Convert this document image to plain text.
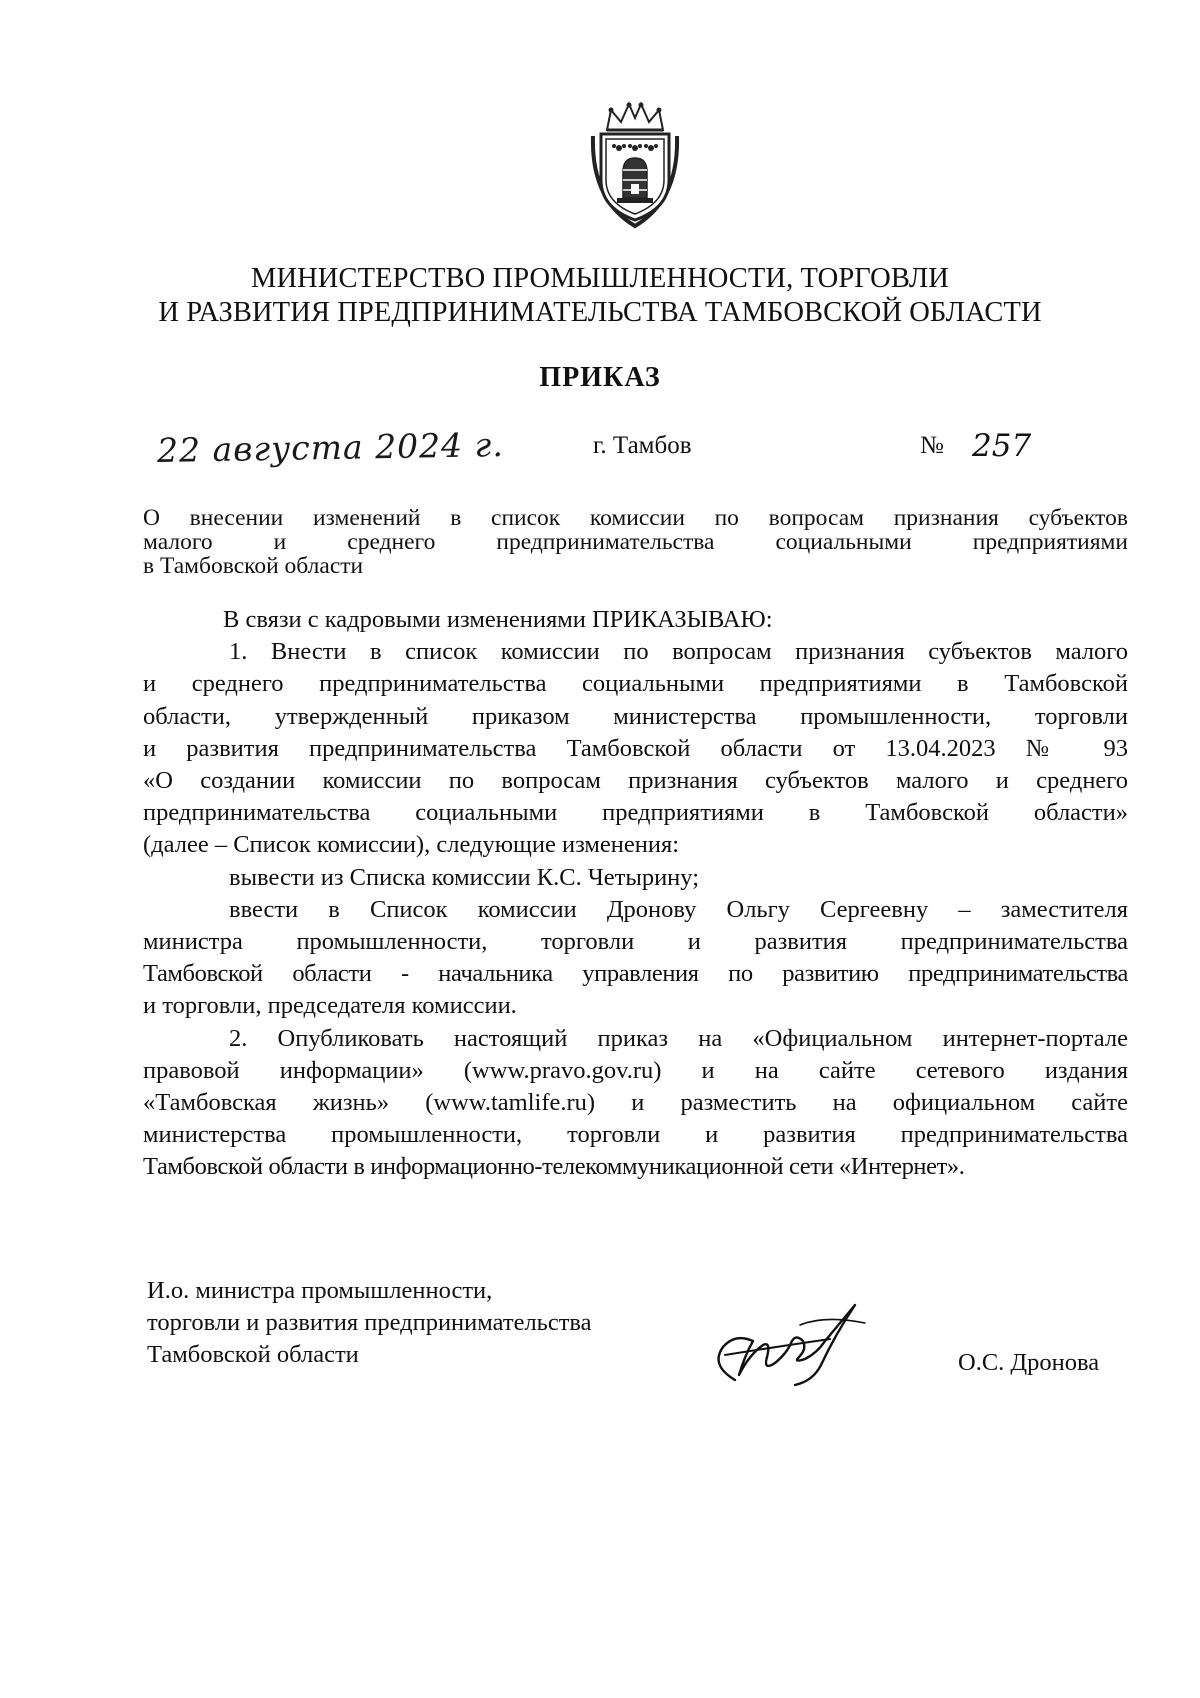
МИНИСТЕРСТВО ПРОМЫШЛЕННОСТИ, ТОРГОВЛИ
И РАЗВИТИЯ ПРЕДПРИНИМАТЕЛЬСТВА ТАМБОВСКОЙ ОБЛАСТИ
ПРИКАЗ
22 августа 2024 г.	г. Тамбов	№ 257
О внесении изменений в список комиссии по вопросам признания субъектов
малого и среднего предпринимательства социальными предприятиями
в Тамбовской области
В связи с кадровыми изменениями ПРИКАЗЫВАЮ:
1. Внести в список комиссии по вопросам признания субъектов малого
и среднего предпринимательства социальными предприятиями в Тамбовской
области, утвержденный приказом министерства промышленности, торговли
и развития предпринимательства Тамбовской области от 13.04.2023 № 93
«О создании комиссии по вопросам признания субъектов малого и среднего
предпринимательства социальными предприятиями в Тамбовской области»
(далее – Список комиссии), следующие изменения:
вывести из Списка комиссии К.С. Четырину;
ввести в Список комиссии Дронову Ольгу Сергеевну – заместителя
министра промышленности, торговли и развития предпринимательства
Тамбовской области - начальника управления по развитию предпринимательства
и торговли, председателя комиссии.
2. Опубликовать настоящий приказ на «Официальном интернет-портале
правовой информации» (www.pravo.gov.ru) и на сайте сетевого издания
«Тамбовская жизнь» (www.tamlife.ru) и разместить на официальном сайте
министерства промышленности, торговли и развития предпринимательства
Тамбовской области в информационно-телекоммуникационной сети «Интернет».
И.о. министра промышленности,
торговли и развития предпринимательства
Тамбовской области	О.С. Дронова
